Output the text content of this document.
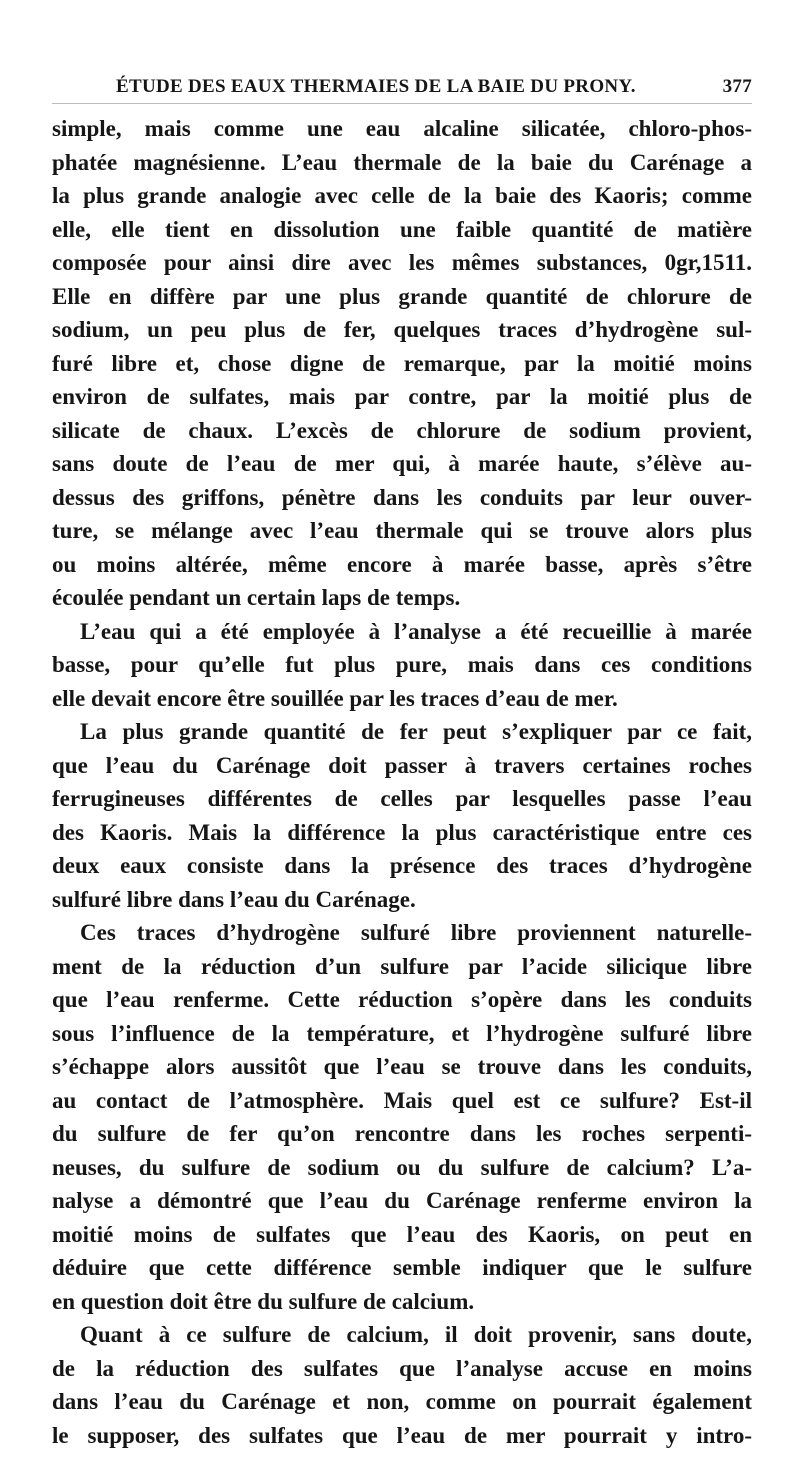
ÉTUDE DES EAUX THERMAIES DE LA BAIE DU PRONY.	377

simple, mais comme une eau alcaline silicatée, chloro-phos-
phatée magnésienne. L’eau thermale de la baie du Carénage a
la plus grande analogie avec celle de la baie des Kaoris; comme
elle, elle tient en dissolution une faible quantité de matière
composée pour ainsi dire avec les mêmes substances, 0gr,1511.
Elle en diffère par une plus grande quantité de chlorure de
sodium, un peu plus de fer, quelques traces d’hydrogène sul-
furé libre et, chose digne de remarque, par la moitié moins
environ de sulfates, mais par contre, par la moitié plus de
silicate de chaux. L’excès de chlorure de sodium provient,
sans doute de l’eau de mer qui, à marée haute, s’élève au-
dessus des griffons, pénètre dans les conduits par leur ouver-
ture, se mélange avec l’eau thermale qui se trouve alors plus
ou moins altérée, même encore à marée basse, après s’être
écoulée pendant un certain laps de temps.

L’eau qui a été employée à l’analyse a été recueillie à marée
basse, pour qu’elle fut plus pure, mais dans ces conditions
elle devait encore être souillée par les traces d’eau de mer.

La plus grande quantité de fer peut s’expliquer par ce fait,
que l’eau du Carénage doit passer à travers certaines roches
ferrugineuses différentes de celles par lesquelles passe l’eau
des Kaoris. Mais la différence la plus caractéristique entre ces
deux eaux consiste dans la présence des traces d’hydrogène
sulfuré libre dans l’eau du Carénage.

Ces traces d’hydrogène sulfuré libre proviennent naturelle-
ment de la réduction d’un sulfure par l’acide silicique libre
que l’eau renferme. Cette réduction s’opère dans les conduits
sous l’influence de la température, et l’hydrogène sulfuré libre
s’échappe alors aussitôt que l’eau se trouve dans les conduits,
au contact de l’atmosphère. Mais quel est ce sulfure? Est-il
du sulfure de fer qu’on rencontre dans les roches serpenti-
neuses, du sulfure de sodium ou du sulfure de calcium? L’a-
nalyse a démontré que l’eau du Carénage renferme environ la
moitié moins de sulfates que l’eau des Kaoris, on peut en
déduire que cette différence semble indiquer que le sulfure
en question doit être du sulfure de calcium.

Quant à ce sulfure de calcium, il doit provenir, sans doute,
de la réduction des sulfates que l’analyse accuse en moins
dans l’eau du Carénage et non, comme on pourrait également
le supposer, des sulfates que l’eau de mer pourrait y intro-
